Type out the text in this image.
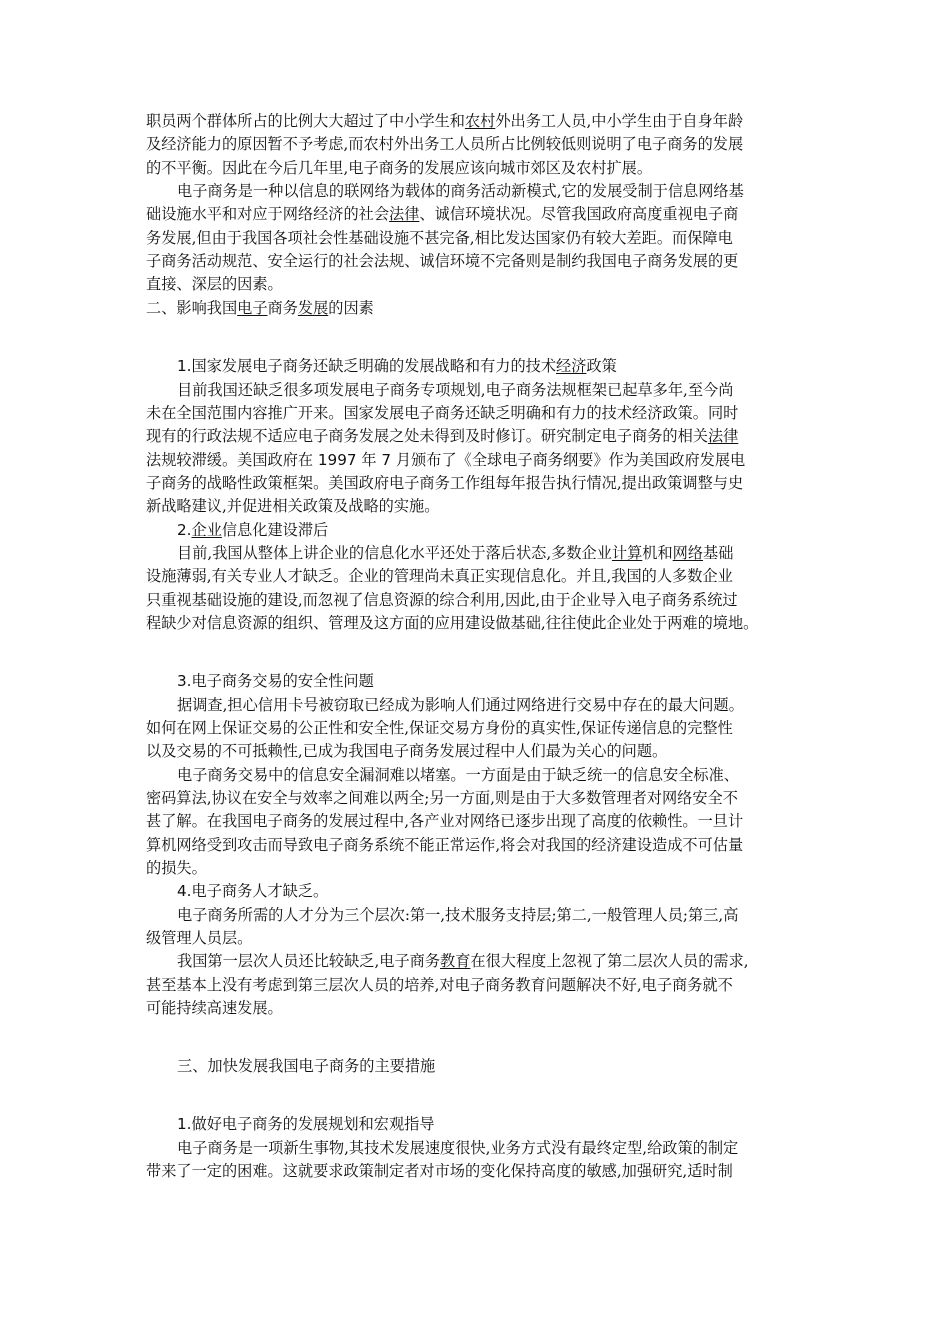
职员两个群体所占的比例大大超过了中小学生和农村外出务工人员,中小学生由于自身年龄
及经济能力的原因暂不予考虑,而农村外出务工人员所占比例较低则说明了电子商务的发展
的不平衡。因此在今后几年里,电子商务的发展应该向城市郊区及农村扩展。
电子商务是一种以信息的联网络为载体的商务活动新模式,它的发展受制于信息网络基
础设施水平和对应于网络经济的社会法律、诚信环境状况。尽管我国政府高度重视电子商
务发展,但由于我国各项社会性基础设施不甚完备,相比发达国家仍有较大差距。而保障电
子商务活动规范、安全运行的社会法规、诚信环境不完备则是制约我国电子商务发展的更
直接、深层的因素。
二、影响我国电子商务发展的因素
1.国家发展电子商务还缺乏明确的发展战略和有力的技术经济政策
目前我国还缺乏很多项发展电子商务专项规划,电子商务法规框架已起草多年,至今尚
未在全国范围内容推广开来。国家发展电子商务还缺乏明确和有力的技术经济政策。同时
现有的行政法规不适应电子商务发展之处未得到及时修订。研究制定电子商务的相关法律
法规较滞缓。美国政府在 1997 年 7 月颁布了《全球电子商务纲要》作为美国政府发展电
子商务的战略性政策框架。美国政府电子商务工作组每年报告执行情况,提出政策调整与史
新战略建议,并促进相关政策及战略的实施。
2.企业信息化建设滞后
目前,我国从整体上讲企业的信息化水平还处于落后状态,多数企业计算机和网络基础
设施薄弱,有关专业人才缺乏。企业的管理尚未真正实现信息化。并且,我国的人多数企业
只重视基础设施的建设,而忽视了信息资源的综合利用,因此,由于企业导入电子商务系统过
程缺少对信息资源的组织、管理及这方面的应用建设做基础,往往使此企业处于两难的境地。
3.电子商务交易的安全性问题
据调查,担心信用卡号被窃取已经成为影响人们通过网络进行交易中存在的最大问题。
如何在网上保证交易的公正性和安全性,保证交易方身份的真实性,保证传递信息的完整性
以及交易的不可抵赖性,已成为我国电子商务发展过程中人们最为关心的问题。
电子商务交易中的信息安全漏洞难以堵塞。一方面是由于缺乏统一的信息安全标准、
密码算法,协议在安全与效率之间难以两全;另一方面,则是由于大多数管理者对网络安全不
甚了解。在我国电子商务的发展过程中,各产业对网络已逐步出现了高度的依赖性。一旦计
算机网络受到攻击而导致电子商务系统不能正常运作,将会对我国的经济建设造成不可估量
的损失。
4.电子商务人才缺乏。
电子商务所需的人才分为三个层次:第一,技术服务支持层;第二,一般管理人员;第三,高
级管理人员层。
我国第一层次人员还比较缺乏,电子商务教育在很大程度上忽视了第二层次人员的需求,
甚至基本上没有考虑到第三层次人员的培养,对电子商务教育问题解决不好,电子商务就不
可能持续高速发展。
三、加快发展我国电子商务的主要措施
1.做好电子商务的发展规划和宏观指导
电子商务是一项新生事物,其技术发展速度很快,业务方式没有最终定型,给政策的制定
带来了一定的困难。这就要求政策制定者对市场的变化保持高度的敏感,加强研究,适时制
